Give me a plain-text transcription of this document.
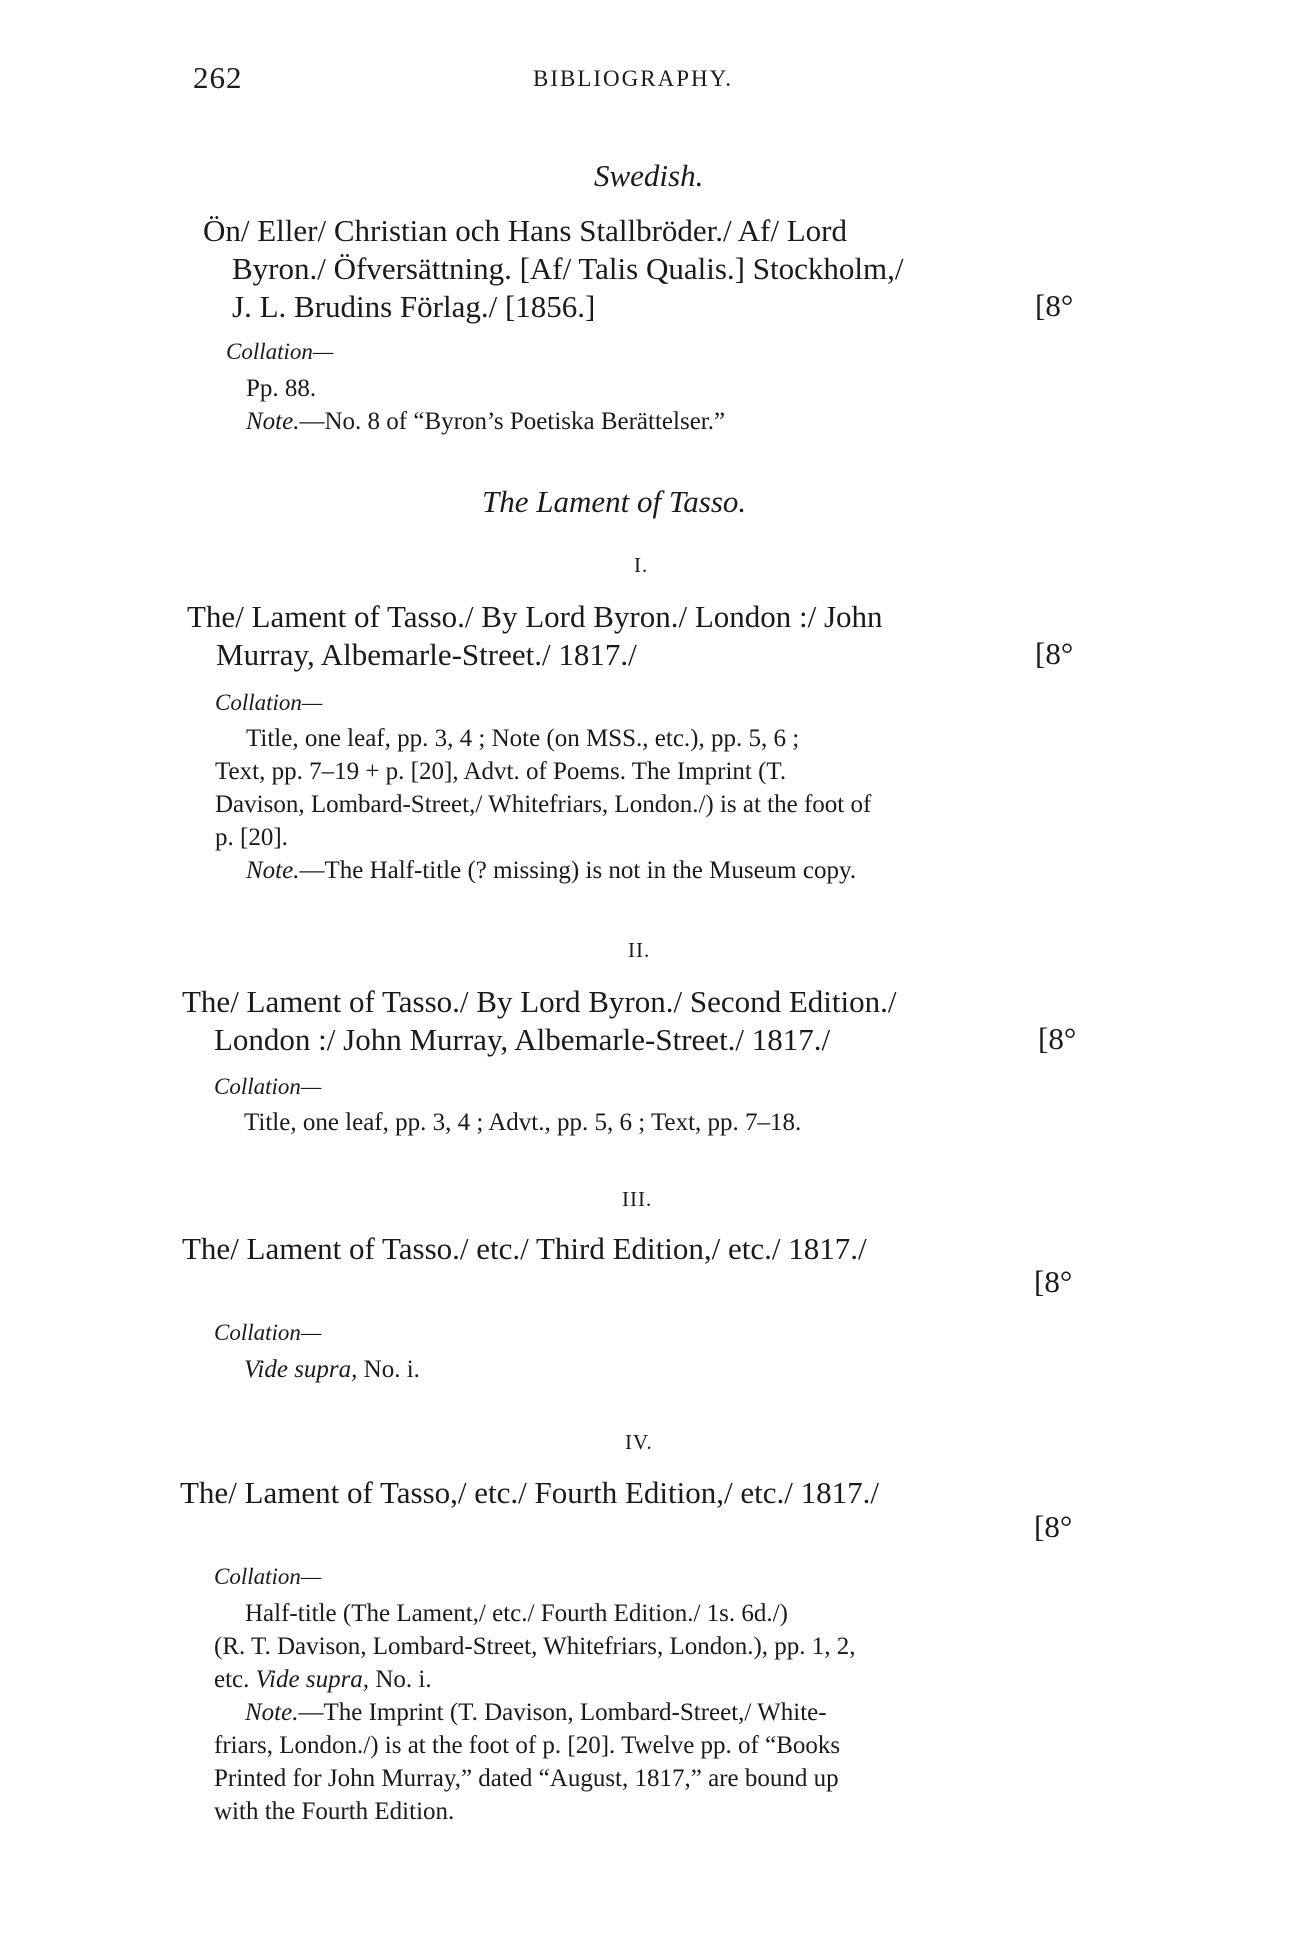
262	BIBLIOGRAPHY.
Swedish.
Ön/ Eller/ Christian och Hans Stallbröder./ Af/ Lord
Byron./ Öfversättning. [Af/ Talis Qualis.] Stockholm,/
J. L. Brudins Förlag./ [1856.]	[8°
Collation—
Pp. 88.
Note.—No. 8 of “Byron’s Poetiska Berättelser.”
The Lament of Tasso.
I.
The/ Lament of Tasso./ By Lord Byron./ London :/ John
Murray, Albemarle-Street./ 1817./	[8°
Collation—
Title, one leaf, pp. 3, 4 ; Note (on MSS., etc.), pp. 5, 6 ;
Text, pp. 7–19 + p. [20], Advt. of Poems. The Imprint (T.
Davison, Lombard-Street,/ Whitefriars, London./) is at the foot of
p. [20].
Note.—The Half-title (? missing) is not in the Museum copy.
II.
The/ Lament of Tasso./ By Lord Byron./ Second Edition./
London :/ John Murray, Albemarle-Street./ 1817./	[8°
Collation—
Title, one leaf, pp. 3, 4 ; Advt., pp. 5, 6 ; Text, pp. 7–18.
III.
The/ Lament of Tasso./ etc./ Third Edition,/ etc./ 1817./
[8°
Collation—
Vide supra, No. i.
IV.
The/ Lament of Tasso,/ etc./ Fourth Edition,/ etc./ 1817./
[8°
Collation—
Half-title (The Lament,/ etc./ Fourth Edition./ 1s. 6d./)
(R. T. Davison, Lombard-Street, Whitefriars, London.), pp. 1, 2,
etc. Vide supra, No. i.
Note.—The Imprint (T. Davison, Lombard-Street,/ White-
friars, London./) is at the foot of p. [20]. Twelve pp. of “Books
Printed for John Murray,” dated “August, 1817,” are bound up
with the Fourth Edition.
